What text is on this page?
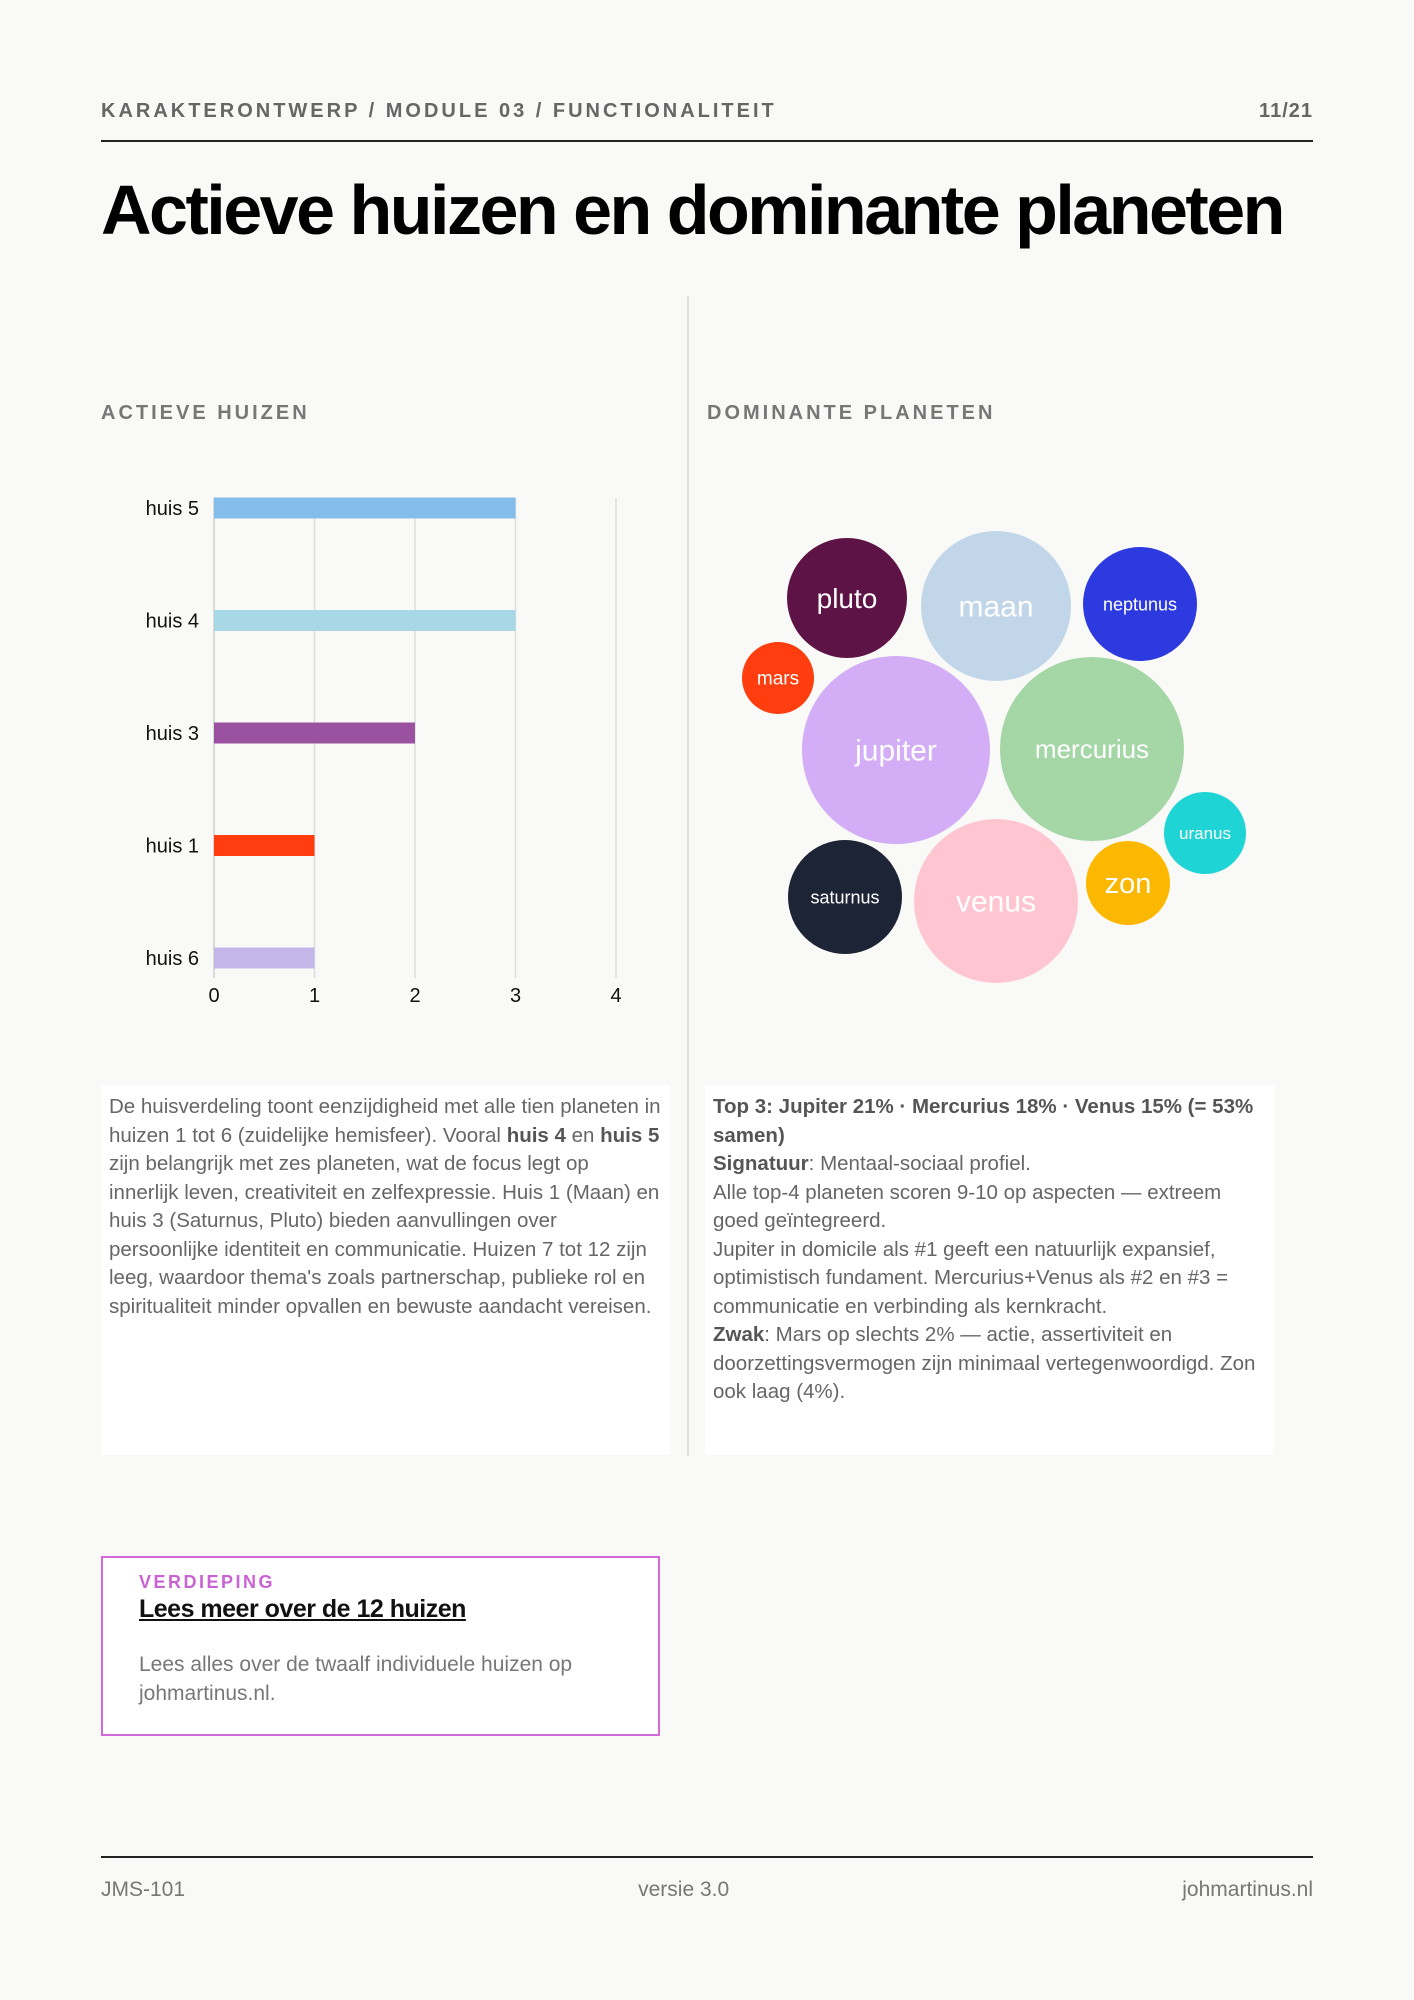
KARAKTERONTWERP / MODULE 03 / FUNCTIONALITEIT	11/21
Actieve huizen en dominante planeten
ACTIEVE HUIZEN	DOMINANTE PLANETEN
0	1	2	3	4
huis 5
huis 4
huis 3
huis 1
huis 6
pluto	maan	neptunus
mars
jupiter	mercurius
uranus
saturnus	venus
zon
De huisverdeling toont eenzijdigheid met alle tien planeten in huizen 1 tot 6 (zuidelijke hemisfeer). Vooral huis 4 en huis 5 zijn belangrijk met zes planeten, wat de focus legt op innerlijk leven, creativiteit en zelfexpressie. Huis 1 (Maan) en huis 3 (Saturnus, Pluto) bieden aanvullingen over persoonlijke identiteit en communicatie. Huizen 7 tot 12 zijn leeg, waardoor thema's zoals partnerschap, publieke rol en spiritualiteit minder opvallen en bewuste aandacht vereisen.
Top 3: Jupiter 21% · Mercurius 18% · Venus 15% (= 53% samen)
Signatuur: Mentaal-sociaal profiel.
Alle top-4 planeten scoren 9-10 op aspecten — extreem goed geïntegreerd.
Jupiter in domicile als #1 geeft een natuurlijk expansief, optimistisch fundament. Mercurius+Venus als #2 en #3 = communicatie en verbinding als kernkracht.
Zwak: Mars op slechts 2% — actie, assertiviteit en doorzettingsvermogen zijn minimaal vertegenwoordigd. Zon ook laag (4%).
VERDIEPING
Lees meer over de 12 huizen
Lees alles over de twaalf individuele huizen op johmartinus.nl.
JMS-101	versie 3.0	johmartinus.nl
